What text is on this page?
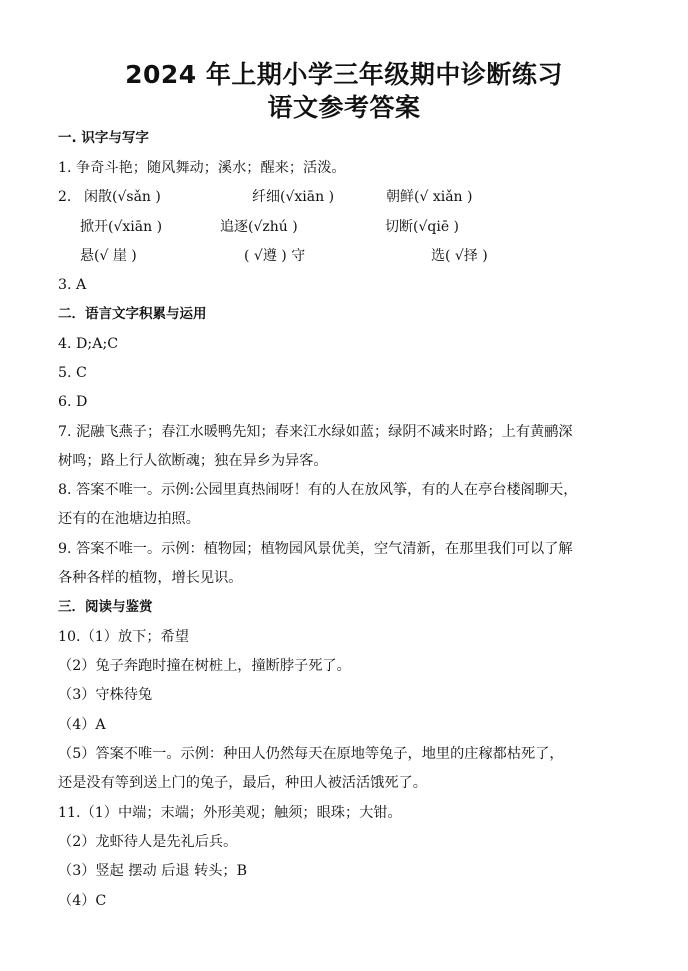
2024 年上期小学三年级期中诊断练习
语文参考答案
一. 识字与写字
1. 争奇斗艳；随风舞动；溪水；醒来；活泼。
2. 闲散(√sǎn )	纤细(√xiān )	朝鲜(√ xiǎn )
掀开(√xiān )	追逐(√zhú )	切断(√qiē )
悬(√ 崖 )	( √遵 ) 守	选( √择 )
3. A
二．语言文字积累与运用
4. D;A;C
5. C
6. D
7. 泥融飞燕子；春江水暖鸭先知；春来江水绿如蓝；绿阴不减来时路；上有黄鹂深
树鸣；路上行人欲断魂；独在异乡为异客。
8. 答案不唯一。示例:公园里真热闹呀！有的人在放风筝，有的人在亭台楼阁聊天，
还有的在池塘边拍照。
9. 答案不唯一。示例：植物园；植物园风景优美，空气清新，在那里我们可以了解
各种各样的植物，增长见识。
三．阅读与鉴赏
10.（1）放下；希望
（2）兔子奔跑时撞在树桩上，撞断脖子死了。
（3）守株待兔
（4）A
（5）答案不唯一。示例：种田人仍然每天在原地等兔子，地里的庄稼都枯死了，
还是没有等到送上门的兔子，最后，种田人被活活饿死了。
11.（1）中端；末端；外形美观；触须；眼珠；大钳。
（2）龙虾待人是先礼后兵。
（3）竖起 摆动 后退 转头；B
（4）C
